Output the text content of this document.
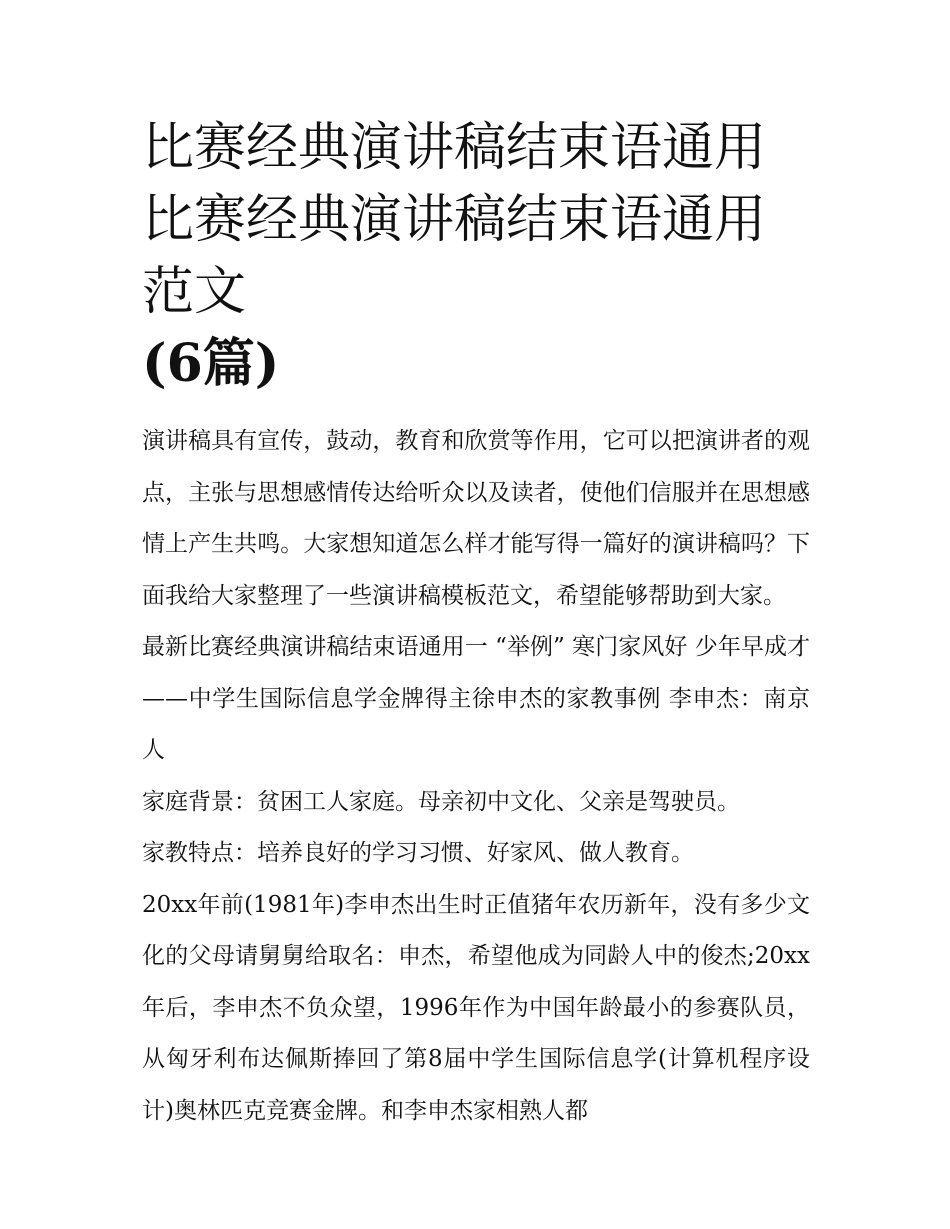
比赛经典演讲稿结束语通用 比赛经典演讲稿结束语通用范文
(6篇)

演讲稿具有宣传，鼓动，教育和欣赏等作用，它可以把演讲者的观点，主张与思想感情传达给听众以及读者，使他们信服并在思想感情上产生共鸣。大家想知道怎么样才能写得一篇好的演讲稿吗？下面我给大家整理了一些演讲稿模板范文，希望能够帮助到大家。

最新比赛经典演讲稿结束语通用一 “举例” 寒门家风好 少年早成才 ——中学生国际信息学金牌得主徐申杰的家教事例 李申杰：南京人

家庭背景：贫困工人家庭。母亲初中文化、父亲是驾驶员。

家教特点：培养良好的学习习惯、好家风、做人教育。

20xx年前(1981年)李申杰出生时正值猪年农历新年，没有多少文化的父母请舅舅给取名：申杰，希望他成为同龄人中的俊杰;20xx年后，李申杰不负众望，1996年作为中国年龄最小的参赛队员，从匈牙利布达佩斯捧回了第8届中学生国际信息学(计算机程序设计)奥林匹克竞赛金牌。和李申杰家相熟人都
